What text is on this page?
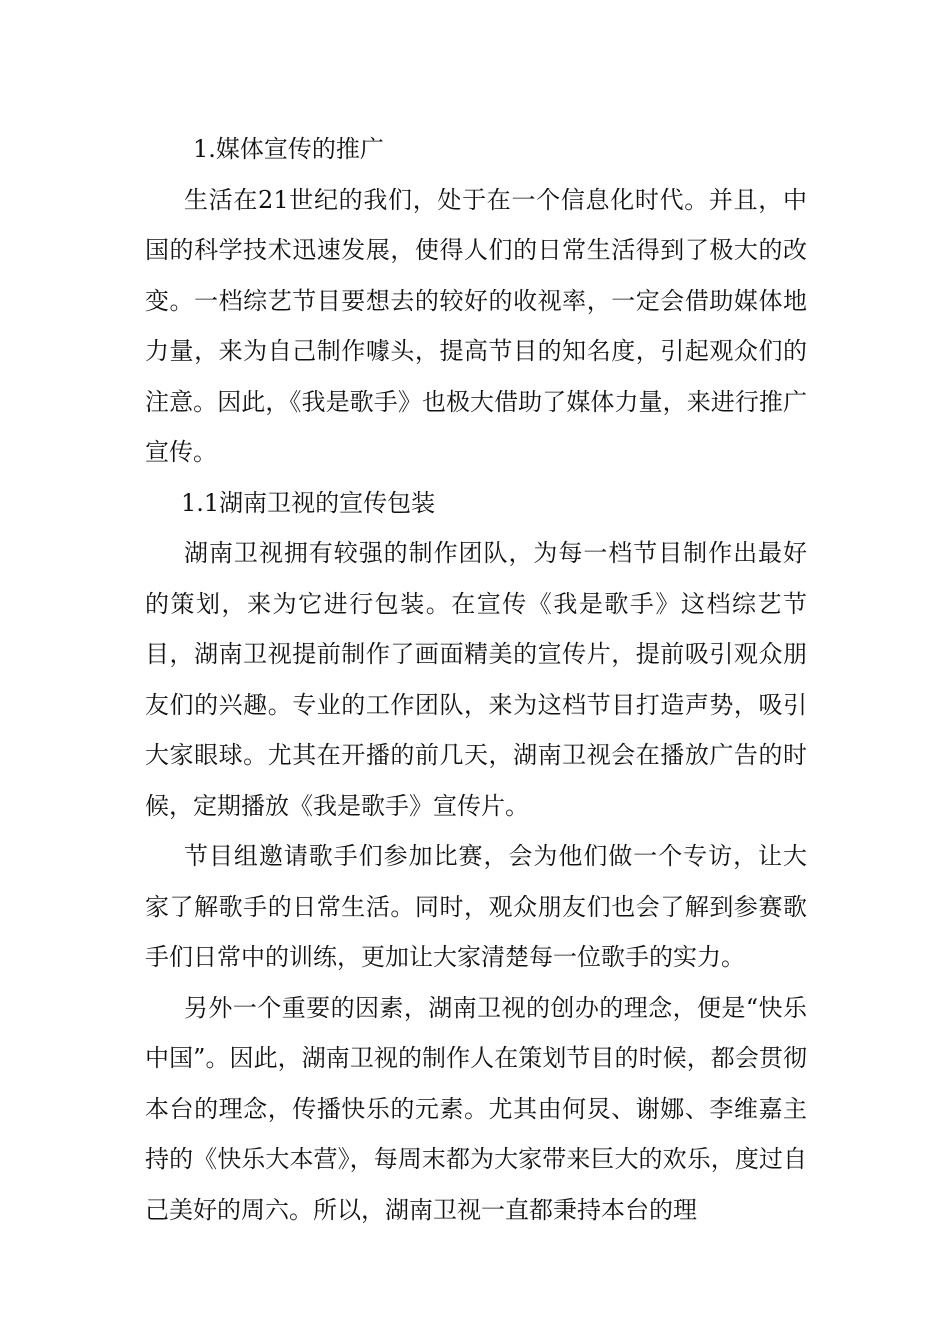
1.媒体宣传的推广

生活在21世纪的我们，处于在一个信息化时代。并且，中国的科学技术迅速发展，使得人们的日常生活得到了极大的改变。一档综艺节目要想去的较好的收视率，一定会借助媒体地力量，来为自己制作噱头，提高节目的知名度，引起观众们的注意。因此，《我是歌手》也极大借助了媒体力量，来进行推广宣传。

1.1湖南卫视的宣传包装

湖南卫视拥有较强的制作团队，为每一档节目制作出最好的策划，来为它进行包装。在宣传《我是歌手》这档综艺节目，湖南卫视提前制作了画面精美的宣传片，提前吸引观众朋友们的兴趣。专业的工作团队，来为这档节目打造声势，吸引大家眼球。尤其在开播的前几天，湖南卫视会在播放广告的时候，定期播放《我是歌手》宣传片。

节目组邀请歌手们参加比赛，会为他们做一个专访，让大家了解歌手的日常生活。同时，观众朋友们也会了解到参赛歌手们日常中的训练，更加让大家清楚每一位歌手的实力。

另外一个重要的因素，湖南卫视的创办的理念，便是“快乐中国”。因此，湖南卫视的制作人在策划节目的时候，都会贯彻本台的理念，传播快乐的元素。尤其由何炅、谢娜、李维嘉主持的《快乐大本营》，每周末都为大家带来巨大的欢乐，度过自己美好的周六。所以，湖南卫视一直都秉持本台的理
